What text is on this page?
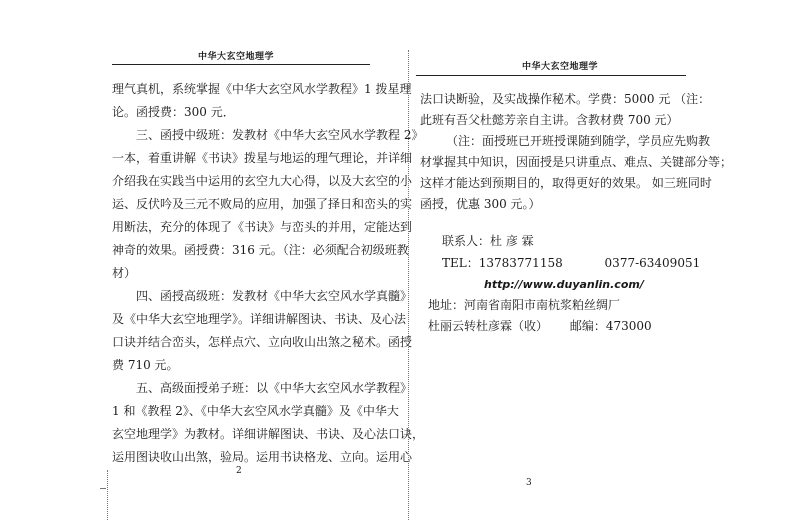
中华大玄空地理学
理气真机，系统掌握《中华大玄空风水学教程》1 拨星理
论。函授费：300 元．
三、函授中级班：发教材《中华大玄空风水学教程 2》
一本，着重讲解《书诀》拨星与地运的理气理论，并详细
介绍我在实践当中运用的玄空九大心得，以及大玄空的小
运、反伏吟及三元不败局的应用，加强了择日和峦头的实
用断法，充分的体现了《书诀》与峦头的并用，定能达到
神奇的效果。函授费：316 元。（注：必须配合初级班教
材）
四、函授高级班：发教材《中华大玄空风水学真髓》
及《中华大玄空地理学》。详细讲解图诀、书诀、及心法
口诀并结合峦头，怎样点穴、立向收山出煞之秘术。函授
费 710 元。
五、高级面授弟子班：以《中华大玄空风水学教程》
1 和《教程 2》、《中华大玄空风水学真髓》及《中华大
玄空地理学》为教材。详细讲解图诀、书诀、及心法口诀，
运用图诀收山出煞，验局。运用书诀格龙、立向。运用心
2
中华大玄空地理学
法口诀断验，及实战操作秘术。学费：5000 元 （注：
此班有吾父杜懿芳亲自主讲。含教材费 700 元）
（注：面授班已开班授课随到随学，学员应先购教
材掌握其中知识，因面授是只讲重点、难点、关键部分等；
这样才能达到预期目的，取得更好的效果。 如三班同时
函授，优惠 300 元。）
联系人：杜 彦 霖
TEL：13783771158	0377-63409051
http://www.duyanlin.com/
地址：河南省南阳市南杭浆粕丝绸厂
杜丽云转杜彦霖（收） 邮编：473000
3
